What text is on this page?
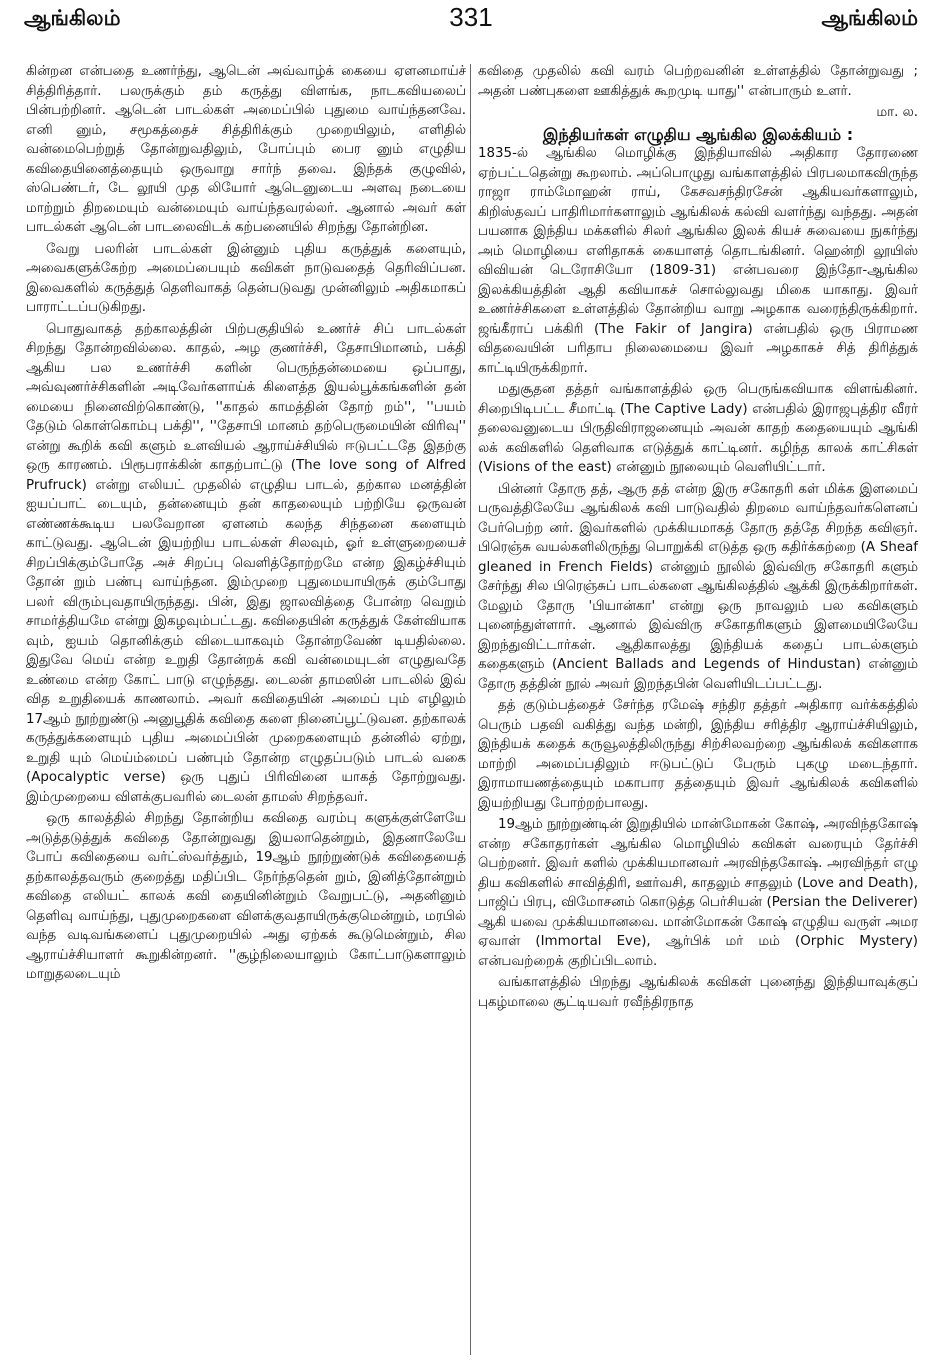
ஆங்கிலம்	331	ஆங்கிலம்

கின்றன என்பதை உணர்ந்து, ஆடென் அவ்வாழ்க் கையை ஏளனமாய்ச் சித்திரித்தார். பலருக்கும் தம் கருத்து விளங்க, நாடகவியலைப் பின்பற்றினர். ஆடென் பாடல்கள் அமைப்பில் புதுமை வாய்ந்தனவே. எனி னும், சமூகத்தைச் சித்திரிக்கும் முறையிலும், எளிதில் வன்மைபெற்றுத் தோன்றுவதிலும், போப்பும் பைர னும் எழுதிய கவிதையினைத்தையும் ஒருவாறு சார்ந் தவை. இந்தக் குழுவில், ஸ்பெண்டர், டே லூயி முத லியோர் ஆடெனுடைய அளவு நடையை மாற்றும் திறமையும் வன்மையும் வாய்ந்தவரல்லர். ஆனால் அவர் கள் பாடல்கள் ஆடென் பாடலைவிடக் கற்பனையில் சிறந்து தோன்றின.

வேறு பலரின் பாடல்கள் இன்னும் புதிய கருத்துக் களையும், அவைகளுக்கேற்ற அமைப்பையும் கவிகள் நாடுவதைத் தெரிவிப்பன. இவைகளில் கருத்துத் தெளிவாகத் தென்படுவது முன்னிலும் அதிகமாகப் பாராட்டப்படுகிறது.

பொதுவாகத் தற்காலத்தின் பிற்பகுதியில் உணர்ச் சிப் பாடல்கள் சிறந்து தோன்றவில்லை. காதல், அழ குணர்ச்சி, தேசாபிமானம், பக்தி ஆகிய பல உணர்ச்சி களின் பெருந்தன்மையை ஒப்பாது, அவ்வுணர்ச்சிகளின் அடிவேர்களாய்க் கிளைத்த இயல்பூக்கங்களின் தன் மையை நினைவிற்கொண்டு, ''காதல் காமத்தின் தோற் றம்'', ''பயம் தேடும் கொள்கொம்பு பக்தி'', ''தேசாபி மானம் தற்பெருமையின் விரிவு'' என்று கூறிக் கவி களும் உளவியல் ஆராய்ச்சியில் ஈடுபட்டதே இதற்கு ஒரு காரணம். பிரூபராக்கின் காதற்பாட்டு (The love song of Alfred Prufruck) என்று எலியட் முதலில் எழுதிய பாடல், தற்கால மனத்தின் ஐயப்பாட் டையும், தன்னையும் தன் காதலையும் பற்றியே ஒருவன் எண்ணக்கூடிய பலவேறான ஏளனம் கலந்த சிந்தனை களையும் காட்டுவது. ஆடென் இயற்றிய பாடல்கள் சிலவும், ஓர் உள்ளுறையைச் சிறப்பிக்கும்போதே அச் சிறப்பு வெளித்தோற்றமே என்ற இகழ்ச்சியும் தோன் றும் பண்பு வாய்ந்தன. இம்முறை புதுமையாயிருக் கும்போது பலர் விரும்புவதாயிருந்தது. பின், இது ஜாலவித்தை போன்ற வெறும் சாமர்த்தியமே என்று இகழவும்பட்டது. கவிதையின் கருத்துக் கேள்வியாக வும், ஐயம் தொனிக்கும் விடையாகவும் தோன்றவேண் டியதில்லை. இதுவே மெய் என்ற உறுதி தோன்றக் கவி வன்மையுடன் எழுதுவதே உண்மை என்ற கோட் பாடு எழுந்தது. டைலன் தாமஸின் பாடலில் இவ் வித உறுதியைக் காணலாம். அவர் கவிதையின் அமைப் பும் எழிலும் 17ஆம் நூற்றுண்டு அனுபூதிக் கவிதை களை நினைப்பூட்டுவன. தற்காலக் கருத்துக்களையும் புதிய அமைப்பின் முறைகளையும் தன்னில் ஏற்று, உறுதி யும் மெய்ம்மைப் பண்பும் தோன்ற எழுதப்படும் பாடல் வகை (Apocalyptic verse) ஒரு புதுப் பிரிவினை யாகத் தோற்றுவது. இம்முறையை விளக்குபவரில் டைலன் தாமஸ் சிறந்தவர்.

ஒரு காலத்தில் சிறந்து தோன்றிய கவிதை வரம்பு களுக்குள்ளேயே அடுத்தடுத்துக் கவிதை தோன்றுவது இயலாதென்றும், இதனாலேயே போப் கவிதையை வர்ட்ஸ்வர்த்தும், 19ஆம் நூற்றுண்டுக் கவிதையைத் தற்காலத்தவரும் குறைத்து மதிப்பிட நேர்ந்ததென் றும், இனித்தோன்றும் கவிதை எலியட் காலக் கவி தையினின்றும் வேறுபட்டு, அதனினும் தெளிவு வாய்ந்து, புதுமுறைகளை விளக்குவதாயிருக்குமென்றும், மரபில் வந்த வடிவங்களைப் புதுமுறையில் அது ஏற்கக் கூடுமென்றும், சில ஆராய்ச்சியாளர் கூறுகின்றனர். ''சூழ்நிலையாலும் கோட்பாடுகளாலும் மாறுதலடையும்

கவிதை முதலில் கவி வரம் பெற்றவனின் உள்ளத்தில் தோன்றுவது ; அதன் பண்புகளை ஊகித்துக் கூறமுடி யாது'' என்பாரும் உளர்.

மா. ல.
இந்தியர்கள் எழுதிய ஆங்கில இலக்கியம் :

1835-ல் ஆங்கில மொழிக்கு இந்தியாவில் அதிகார தோரணை ஏற்பட்டதென்று கூறலாம். அப்பொழுது வங்காளத்தில் பிரபலமாகவிருந்த ராஜா ராம்மோஹன் ராய், கேசவசந்திரசேன் ஆகியவர்களாலும், கிறிஸ்தவப் பாதிரிமார்களாலும் ஆங்கிலக் கல்வி வளர்ந்து வந்தது. அதன் பயனாக இந்திய மக்களில் சிலர் ஆங்கில இலக் கியச் சுவையை நுகர்ந்து அம் மொழியை எளிதாகக் கையாளத் தொடங்கினர். ஹென்றி லூயிஸ் விவியன் டெரோசியோ (1809-31) என்பவரை இந்தோ-ஆங்கில இலக்கியத்தின் ஆதி கவியாகச் சொல்லுவது மிகை யாகாது. இவர் உணர்ச்சிகளை உள்ளத்தில் தோன்றிய வாறு அழகாக வரைந்திருக்கிறார். ஜங்கீராப் பக்கிரி (The Fakir of Jangira) என்பதில் ஒரு பிராமண விதவையின் பரிதாப நிலைமையை இவர் அழகாகச் சித் திரித்துக் காட்டியிருக்கிறார்.

மதுசூதன தத்தர் வங்காளத்தில் ஒரு பெருங்கவியாக விளங்கினர். சிறைபிடிபட்ட சீமாட்டி (The Captive Lady) என்பதில் இராஜபுத்திர வீரர் தலைவனுடைய பிருதிவிராஜனையும் அவன் காதற் கதையையும் ஆங்கி லக் கவிகளில் தெளிவாக எடுத்துக் காட்டினர். கழிந்த காலக் காட்சிகள் (Visions of the east) என்னும் நூலையும் வெளியிட்டார்.

பின்னர் தோரு தத், ஆரு தத் என்ற இரு சகோதரி கள் மிக்க இளமைப் பருவத்திலேயே ஆங்கிலக் கவி பாடுவதில் திறமை வாய்ந்தவர்களெனப் பேர்பெற்ற னர். இவர்களில் முக்கியமாகத் தோரு தத்தே சிறந்த கவிஞர். பிரெஞ்சு வயல்களிலிருந்து பொறுக்கி எடுத்த ஒரு கதிர்க்கற்றை (A Sheaf gleaned in French Fields) என்னும் நூலில் இவ்விரு சகோதரி களும் சேர்ந்து சில பிரெஞ்சுப் பாடல்களை ஆங்கிலத்தில் ஆக்கி இருக்கிறார்கள். மேலும் தோரு 'பியான்கா' என்று ஒரு நாவலும் பல கவிகளும் புனைந்துள்ளார். ஆனால் இவ்விரு சகோதரிகளும் இளமையிலேயே இறந்துவிட்டார்கள். ஆதிகாலத்து இந்தியக் கதைப் பாடல்களும் கதைகளும் (Ancient Ballads and Legends of Hindustan) என்னும் தோரு தத்தின் நூல் அவர் இறந்தபின் வெளியிடப்பட்டது.

தத் குடும்பத்தைச் சேர்ந்த ரமேஷ் சந்திர தத்தர் அதிகார வர்க்கத்தில் பெரும் பதவி வகித்து வந்த மன்றி, இந்திய சரித்திர ஆராய்ச்சியிலும், இந்தியக் கதைக் கருவூலத்திலிருந்து சிற்சிலவற்றை ஆங்கிலக் கவிகளாக மாற்றி அமைப்பதிலும் ஈடுபட்டுப் பேரும் புகழு மடைந்தார். இராமாயணத்தையும் மகாபார தத்தையும் இவர் ஆங்கிலக் கவிகளில் இயற்றியது போற்றற்பாலது.

19ஆம் நூற்றுண்டின் இறுதியில் மான்மோகன் கோஷ், அரவிந்தகோஷ் என்ற சகோதரர்கள் ஆங்கில மொழியில் கவிகள் வரையும் தேர்ச்சி பெற்றனர். இவர் களில் முக்கியமானவர் அரவிந்தகோஷ். அரவிந்தர் எழு திய கவிகளில் சாவித்திரி, ஊர்வசி, காதலும் சாதலும் (Love and Death), பாஜிப் பிரபு, விமோசனம் கொடுத்த பெர்சியன் (Persian the Deliverer) ஆகி யவை முக்கியமானவை. மான்மோகன் கோஷ் எழுதிய வருள் அமர ஏவாள் (Immortal Eve), ஆர்பிக் மர் மம் (Orphic Mystery) என்பவற்றைக் குறிப்பிடலாம்.

வங்காளத்தில் பிறந்து ஆங்கிலக் கவிகள் புனைந்து இந்தியாவுக்குப் புகழ்மாலை சூட்டியவர் ரவீந்திரநாத
